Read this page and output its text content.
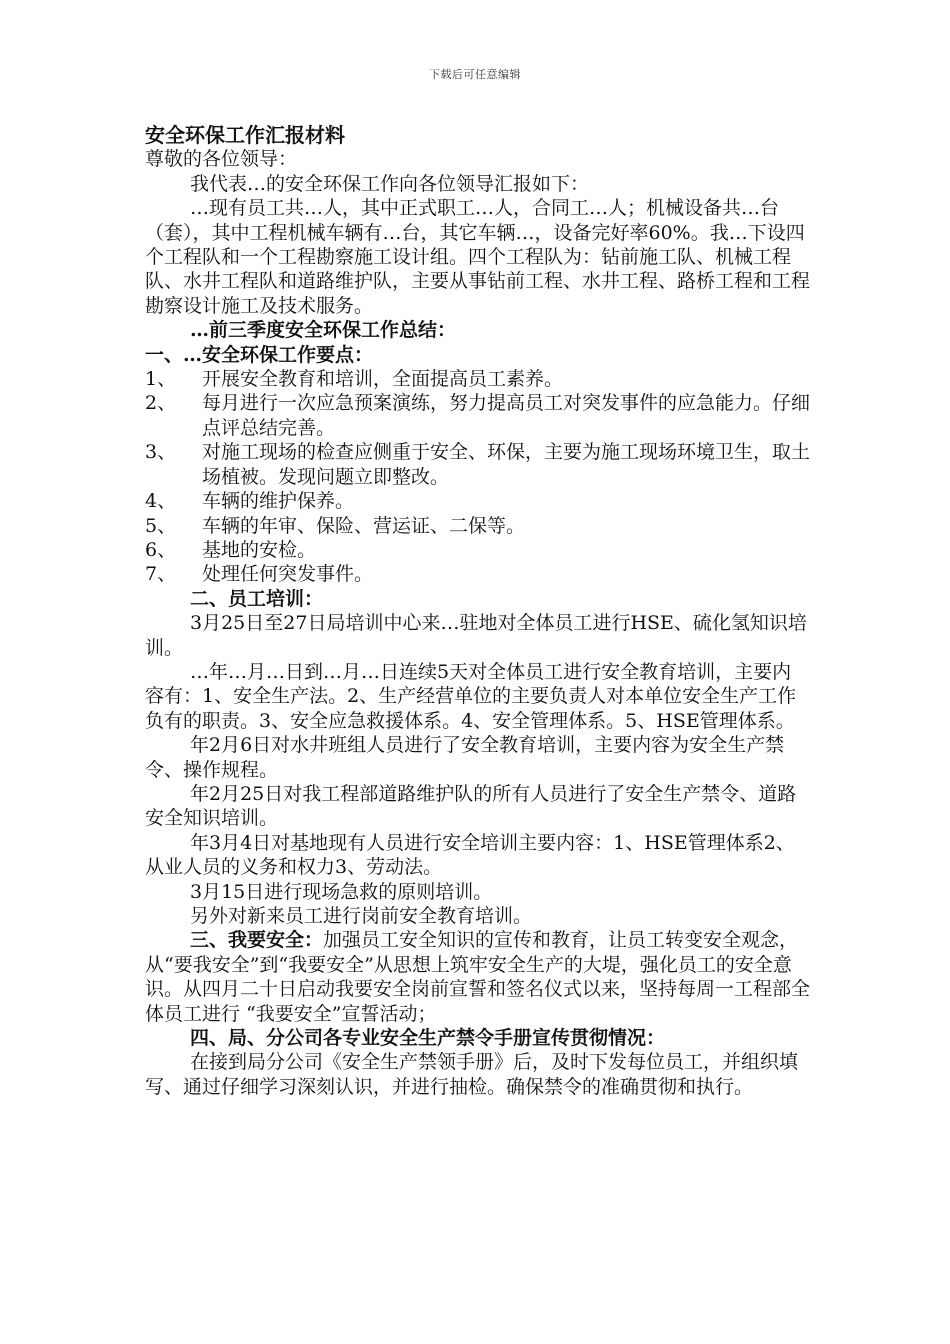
下载后可任意编辑

安全环保工作汇报材料

尊敬的各位领导：

我代表…的安全环保工作向各位领导汇报如下：

…现有员工共…人，其中正式职工…人，合同工…人；机械设备共…台（套），其中工程机械车辆有…台，其它车辆…，设备完好率60%。我…下设四个工程队和一个工程勘察施工设计组。四个工程队为：钻前施工队、机械工程队、水井工程队和道路维护队，主要从事钻前工程、水井工程、路桥工程和工程勘察设计施工及技术服务。

…前三季度安全环保工作总结：

一、…安全环保工作要点：

1、 开展安全教育和培训，全面提高员工素养。

2、 每月进行一次应急预案演练，努力提高员工对突发事件的应急能力。仔细点评总结完善。

3、 对施工现场的检查应侧重于安全、环保，主要为施工现场环境卫生，取土场植被。发现问题立即整改。

4、 车辆的维护保养。

5、 车辆的年审、保险、营运证、二保等。

6、 基地的安检。

7、 处理任何突发事件。

二、员工培训：

3月25日至27日局培训中心来…驻地对全体员工进行HSE、硫化氢知识培训。

…年…月…日到…月…日连续5天对全体员工进行安全教育培训，主要内容有：1、安全生产法。2、生产经营单位的主要负责人对本单位安全生产工作负有的职责。3、安全应急救援体系。4、安全管理体系。5、HSE管理体系。

年2月6日对水井班组人员进行了安全教育培训，主要内容为安全生产禁令、操作规程。

年2月25日对我工程部道路维护队的所有人员进行了安全生产禁令、道路安全知识培训。

年3月4日对基地现有人员进行安全培训主要内容：1、HSE管理体系2、从业人员的义务和权力3、劳动法。

3月15日进行现场急救的原则培训。

另外对新来员工进行岗前安全教育培训。

三、我要安全：加强员工安全知识的宣传和教育，让员工转变安全观念，从“要我安全”到“我要安全”从思想上筑牢安全生产的大堤，强化员工的安全意识。从四月二十日启动我要安全岗前宣誓和签名仪式以来，坚持每周一工程部全体员工进行 “我要安全”宣誓活动；

四、局、分公司各专业安全生产禁令手册宣传贯彻情况：

在接到局分公司《安全生产禁领手册》后，及时下发每位员工，并组织填写、通过仔细学习深刻认识，并进行抽检。确保禁令的准确贯彻和执行。
